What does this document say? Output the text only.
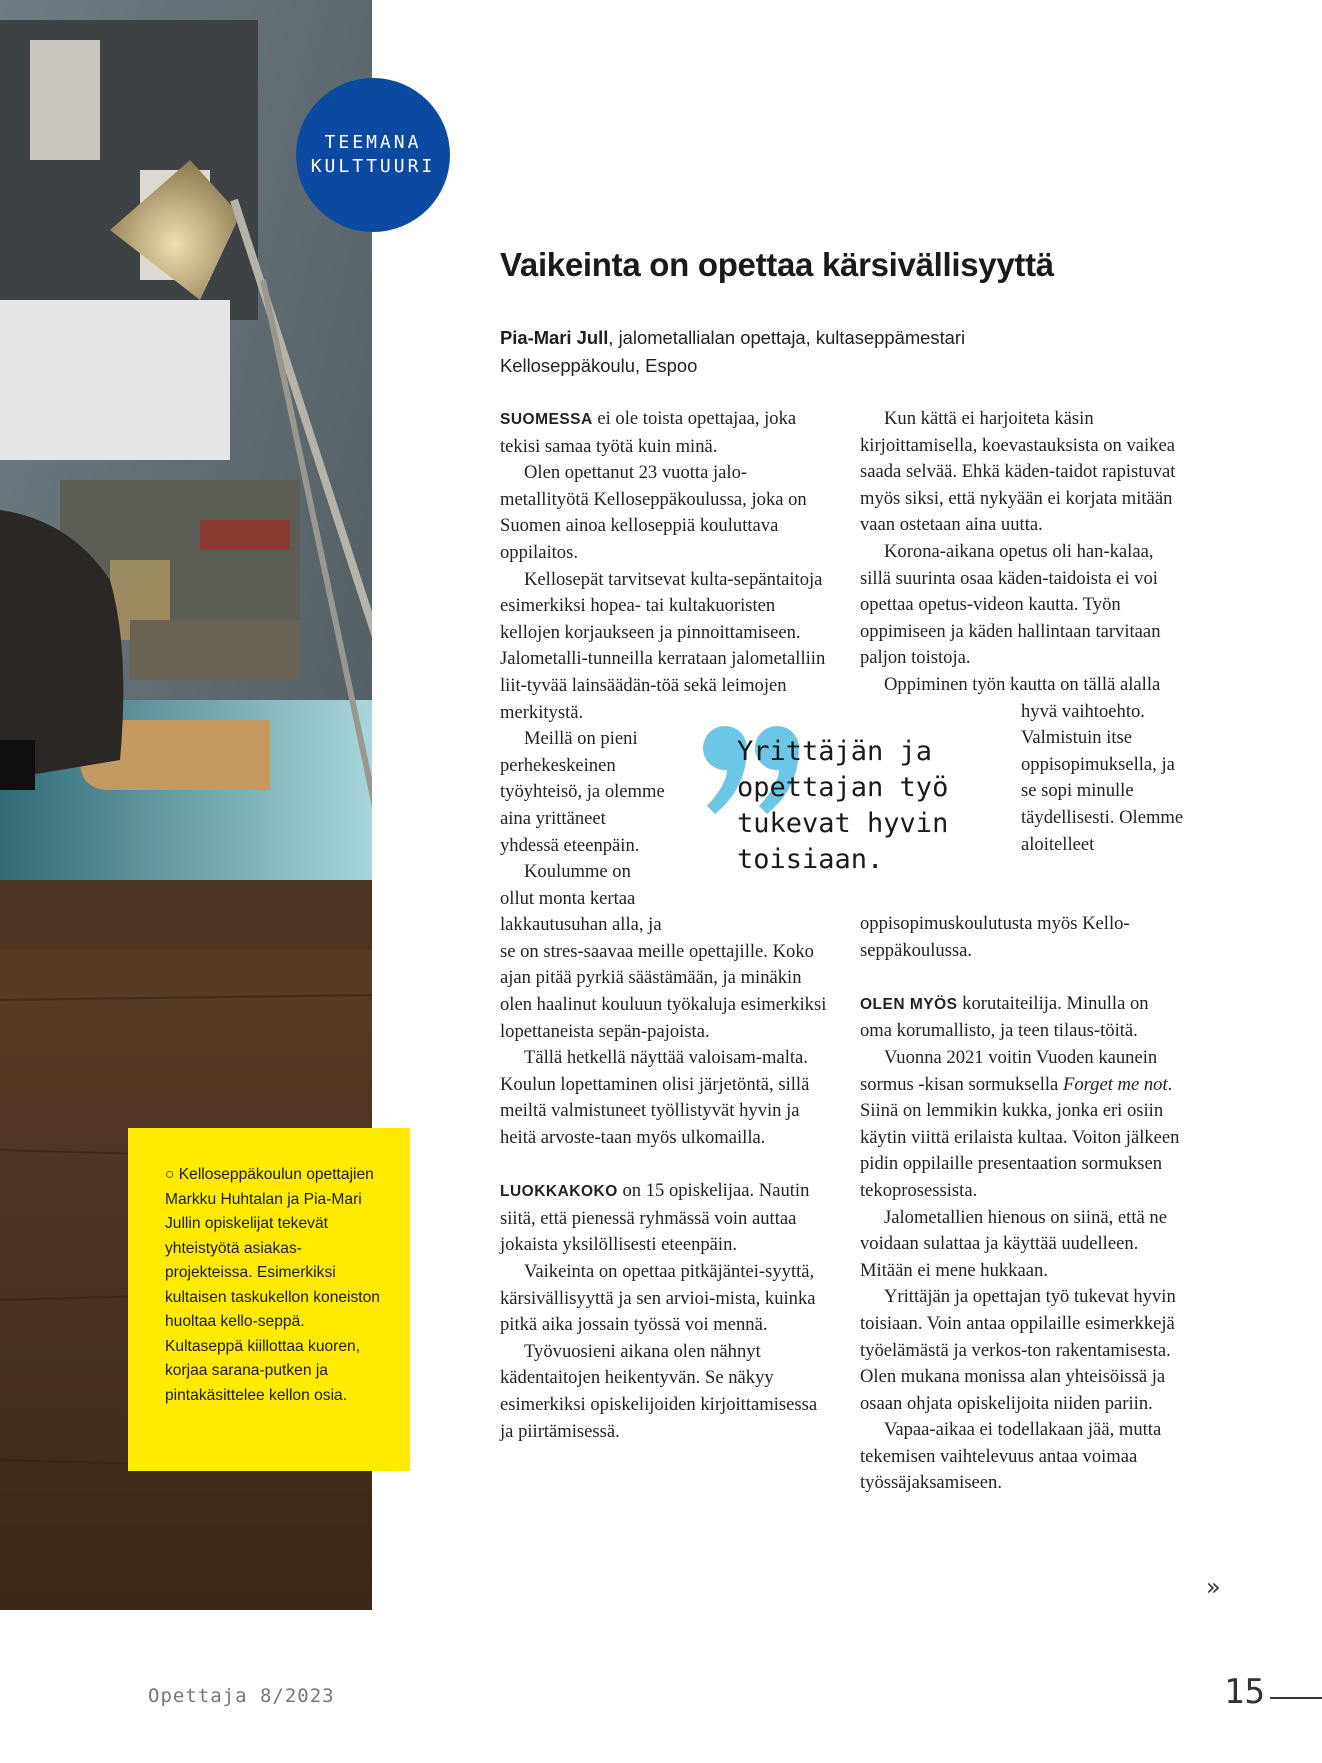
TEEMANA
KULTTUURI
○ Kelloseppäkoulun opettajien Markku Huhtalan ja Pia-Mari Jullin opiskelijat tekevät yhteistyötä asiakas-projekteissa. Esimerkiksi kultaisen taskukellon koneiston huoltaa kello-seppä. Kultaseppä kiillottaa kuoren, korjaa sarana-putken ja pintakäsittelee kellon osia.
Vaikeinta on opettaa kärsivällisyyttä
Pia-Mari Jull, jalometallialan opettaja, kultaseppämestari
Kelloseppäkoulu, Espoo

SUOMESSA ei ole toista opettajaa, joka tekisi samaa työtä kuin minä.

Olen opettanut 23 vuotta jalo-metallityötä Kelloseppäkoulussa, joka on Suomen ainoa kelloseppiä kouluttava oppilaitos.

Kellosepät tarvitsevat kulta-sepäntaitoja esimerkiksi hopea- tai kultakuoristen kellojen korjaukseen ja pinnoittamiseen. Jalometalli-tunneilla kerrataan jalometalliin liit-tyvää lainsäädän-töä sekä leimojen merkitystä.

Meillä on pieni perhekeskeinen työyhteisö, ja olemme aina yrittäneet yhdessä eteenpäin.

Koulumme on ollut monta kertaa lakkautusuhan alla, ja se on stres-saavaa meille opettajille. Koko ajan pitää pyrkiä säästämään, ja minäkin olen haalinut kouluun työkaluja esimerkiksi lopettaneista sepän-pajoista.

Tällä hetkellä näyttää valoisam-malta. Koulun lopettaminen olisi järjetöntä, sillä meiltä valmistuneet työllistyvät hyvin ja heitä arvoste-taan myös ulkomailla.

LUOKKAKOKO on 15 opiskelijaa. Nautin siitä, että pienessä ryhmässä voin auttaa jokaista yksilöllisesti eteenpäin.

Vaikeinta on opettaa pitkäjäntei-syyttä, kärsivällisyyttä ja sen arvioi-mista, kuinka pitkä aika jossain työssä voi mennä.

Työvuosieni aikana olen nähnyt kädentaitojen heikentyvän. Se näkyy esimerkiksi opiskelijoiden kirjoittamisessa ja piirtämisessä.

Kun kättä ei harjoiteta käsin kirjoittamisella, koevastauksista on vaikea saada selvää. Ehkä käden-taidot rapistuvat myös siksi, että nykyään ei korjata mitään vaan ostetaan aina uutta.

Korona-aikana opetus oli han-kalaa, sillä suurinta osaa käden-taidoista ei voi opettaa opetus-videon kautta. Työn oppimiseen ja käden hallintaan tarvitaan paljon toistoja.

Oppiminen työn kautta on tällä alalla hyvä vaihtoehto. Valmistuin itse oppisopimuksella, ja se sopi minulle täydellisesti. Olemme aloitelleet oppisopimuskoulutusta myös Kello-seppäkoulussa.

OLEN MYÖS korutaiteilija. Minulla on oma korumallisto, ja teen tilaus-töitä.

Vuonna 2021 voitin Vuoden kaunein sormus -kisan sormuksella Forget me not. Siinä on lemmikin kukka, jonka eri osiin käytin viittä erilaista kultaa. Voiton jälkeen pidin oppilaille presentaation sormuksen tekoprosessista.

Jalometallien hienous on siinä, että ne voidaan sulattaa ja käyttää uudelleen. Mitään ei mene hukkaan.

Yrittäjän ja opettajan työ tukevat hyvin toisiaan. Voin antaa oppilaille esimerkkejä työelämästä ja verkos-ton rakentamisesta. Olen mukana monissa alan yhteisöissä ja osaan ohjata opiskelijoita niiden pariin.

Vapaa-aikaa ei todellakaan jää, mutta tekemisen vaihtelevuus antaa voimaa työssäjaksamiseen.

Yrittäjän ja opettajan työ tukevat hyvin toisiaan.
»
Opettaja 8/2023	15
